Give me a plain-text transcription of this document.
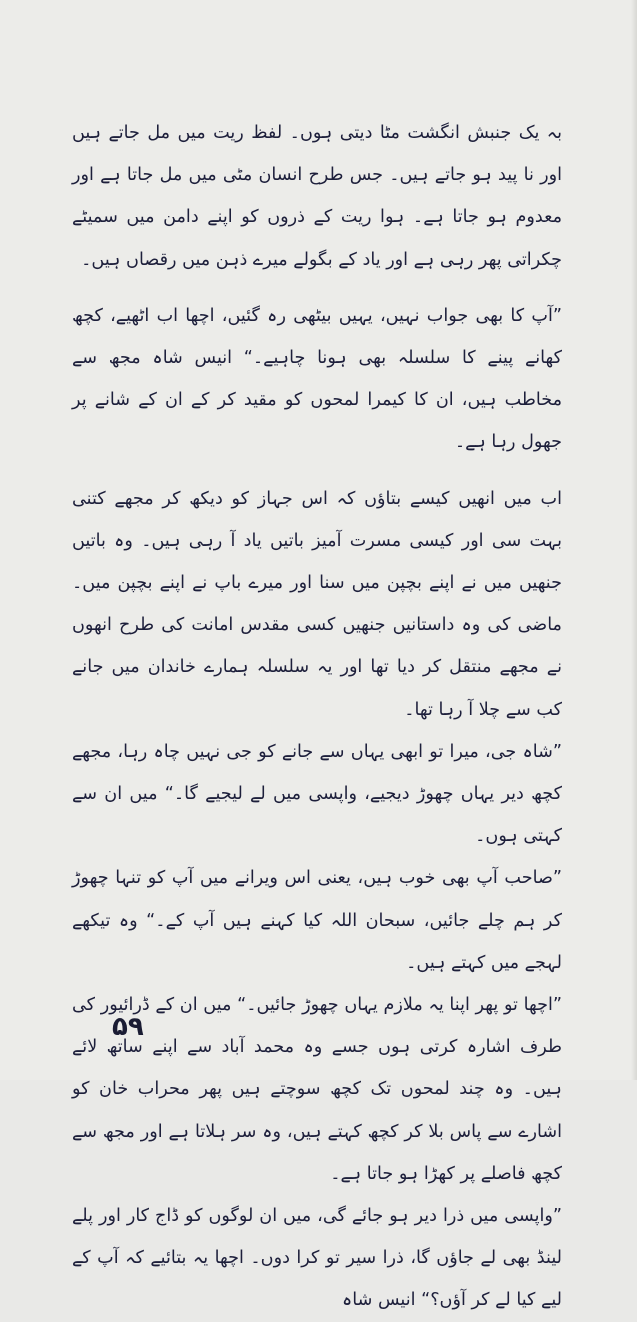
بہ یک جنبش انگشت مٹا دیتی ہوں۔ لفظ ریت میں مل جاتے ہیں اور نا پید ہو جاتے ہیں۔ جس طرح انسان مٹی میں مل جاتا ہے اور معدوم ہو جاتا ہے۔ ہوا ریت کے ذروں کو اپنے دامن میں سمیٹے چکراتی پھر رہی ہے اور یاد کے بگولے میرے ذہن میں رقصاں ہیں۔

”آپ کا بھی جواب نہیں، یہیں بیٹھی رہ گئیں، اچھا اب اٹھیے، کچھ کھانے پینے کا سلسلہ بھی ہونا چاہیے۔“ انیس شاہ مجھ سے مخاطب ہیں، ان کا کیمرا لمحوں کو مقید کر کے ان کے شانے پر جھول رہا ہے۔

اب میں انھیں کیسے بتاؤں کہ اس جہاز کو دیکھ کر مجھے کتنی بہت سی اور کیسی مسرت آمیز باتیں یاد آ رہی ہیں۔ وہ باتیں جنھیں میں نے اپنے بچپن میں سنا اور میرے باپ نے اپنے بچپن میں۔ ماضی کی وہ داستانیں جنھیں کسی مقدس امانت کی طرح انھوں نے مجھے منتقل کر دیا تھا اور یہ سلسلہ ہمارے خاندان میں جانے کب سے چلا آ رہا تھا۔

”شاہ جی، میرا تو ابھی یہاں سے جانے کو جی نہیں چاہ رہا، مجھے کچھ دیر یہاں چھوڑ دیجیے، واپسی میں لے لیجیے گا۔“ میں ان سے کہتی ہوں۔

”صاحب آپ بھی خوب ہیں، یعنی اس ویرانے میں آپ کو تنہا چھوڑ کر ہم چلے جائیں، سبحان اللہ کیا کہنے ہیں آپ کے۔“ وہ تیکھے لہجے میں کہتے ہیں۔

”اچھا تو پھر اپنا یہ ملازم یہاں چھوڑ جائیں۔“ میں ان کے ڈرائیور کی طرف اشارہ کرتی ہوں جسے وہ محمد آباد سے اپنے ساتھ لائے ہیں۔ وہ چند لمحوں تک کچھ سوچتے ہیں پھر محراب خان کو اشارے سے پاس بلا کر کچھ کہتے ہیں، وہ سر ہلاتا ہے اور مجھ سے کچھ فاصلے پر کھڑا ہو جاتا ہے۔

”واپسی میں ذرا دیر ہو جائے گی، میں ان لوگوں کو ڈاج کار اور پلے لینڈ بھی لے جاؤں گا، ذرا سیر تو کرا دوں۔ اچھا یہ بتائیے کہ آپ کے لیے کیا لے کر آؤں؟“ انیس شاہ

۵۹
